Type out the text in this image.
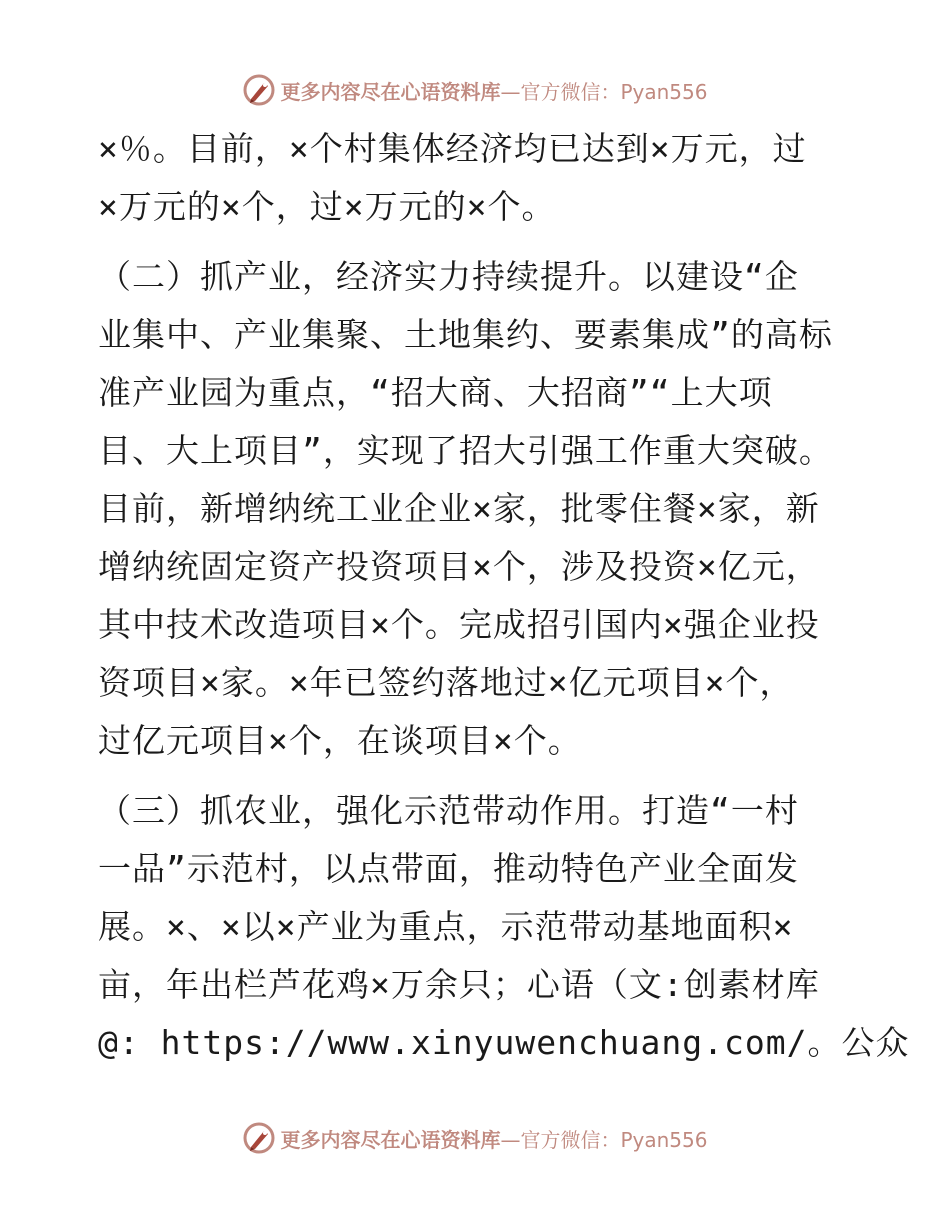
更多内容尽在心语资料库 —官方微信：Pyan556

×％。目前，×个村集体经济均已达到×万元，过
×万元的×个，过×万元的×个。

（二）抓产业，经济实力持续提升。以建设“企
业集中、产业集聚、土地集约、要素集成”的高标
准产业园为重点，“招大商、大招商”“上大项
目、大上项目”，实现了招大引强工作重大突破。
目前，新增纳统工业企业×家，批零住餐×家，新
增纳统固定资产投资项目×个，涉及投资×亿元，
其中技术改造项目×个。完成招引国内×强企业投
资项目×家。×年已签约落地过×亿元项目×个，
过亿元项目×个，在谈项目×个。

（三）抓农业，强化示范带动作用。打造“一村
一品”示范村，以点带面，推动特色产业全面发
展。×、×以×产业为重点，示范带动基地面积×
亩，年出栏芦花鸡×万余只；心语（文:创素材库
@: https://www.xinyuwenchuang.com/。公众

更多内容尽在心语资料库 —官方微信：Pyan556
